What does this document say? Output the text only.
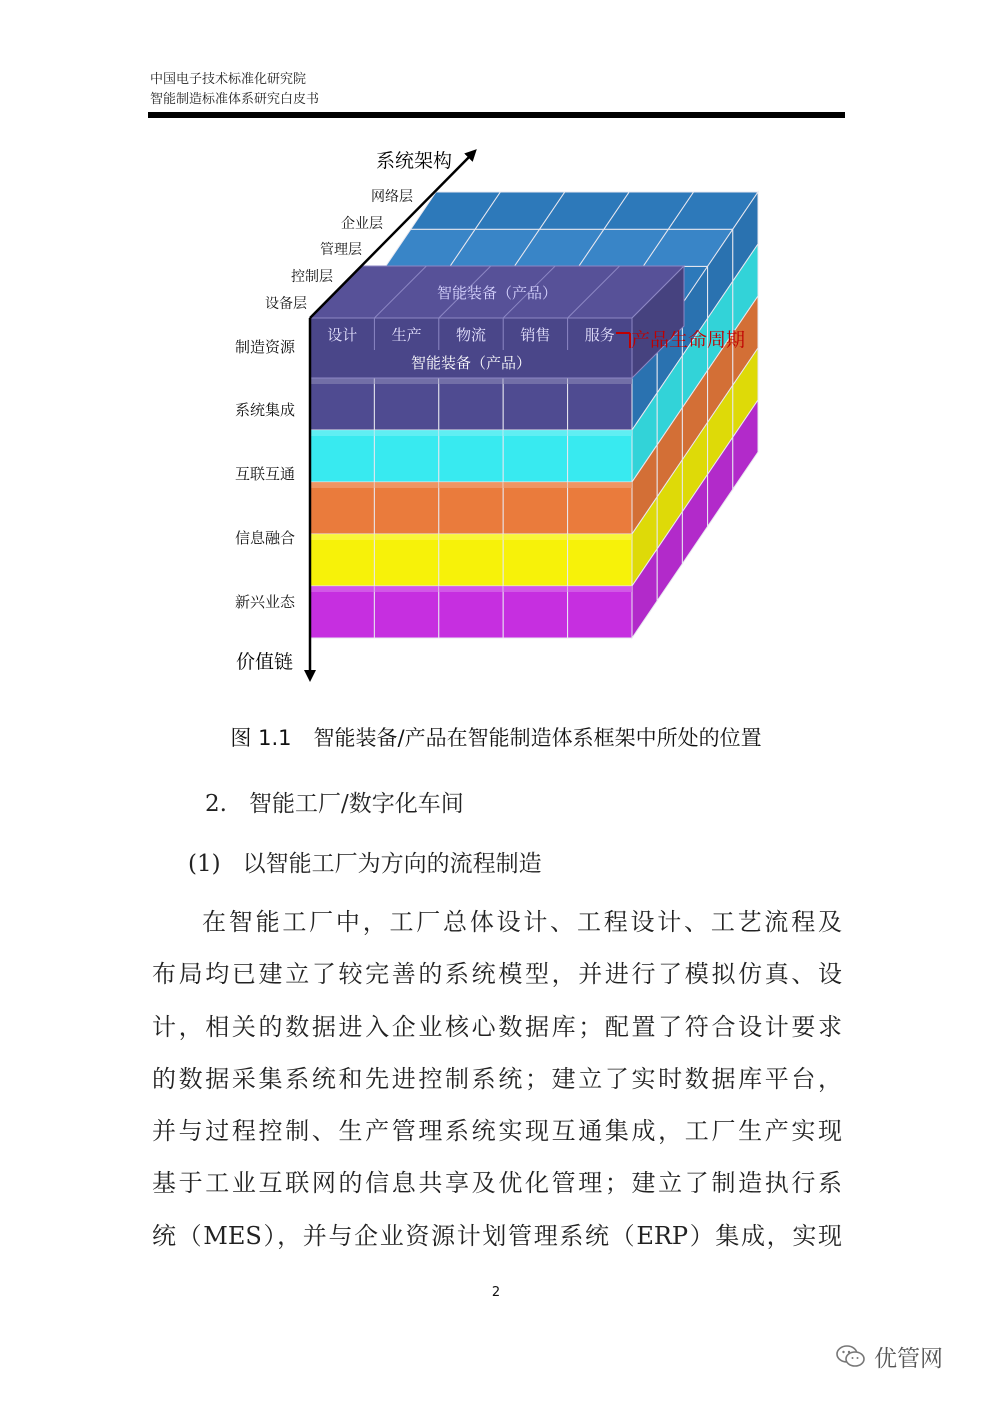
中国电子技术标准化研究院
智能制造标准体系研究白皮书
设计 生产 物流 销售 服务
智能装备（产品）
智能装备（产品）
系统架构
产品生命周期
价值链
网络层
企业层
管理层
控制层
设备层
制造资源
系统集成
互联互通
信息融合
新兴业态
图 1.1 智能装备/产品在智能制造体系框架中所处的位置
2. 智能工厂/数字化车间
(1) 以智能工厂为方向的流程制造
在智能工厂中，工厂总体设计、工程设计、工艺流程及
布局均已建立了较完善的系统模型，并进行了模拟仿真、设
计，相关的数据进入企业核心数据库；配置了符合设计要求
的数据采集系统和先进控制系统；建立了实时数据库平台，
并与过程控制、生产管理系统实现互通集成，工厂生产实现
基于工业互联网的信息共享及优化管理；建立了制造执行系
统（MES），并与企业资源计划管理系统（ERP）集成，实现
2
优管网
